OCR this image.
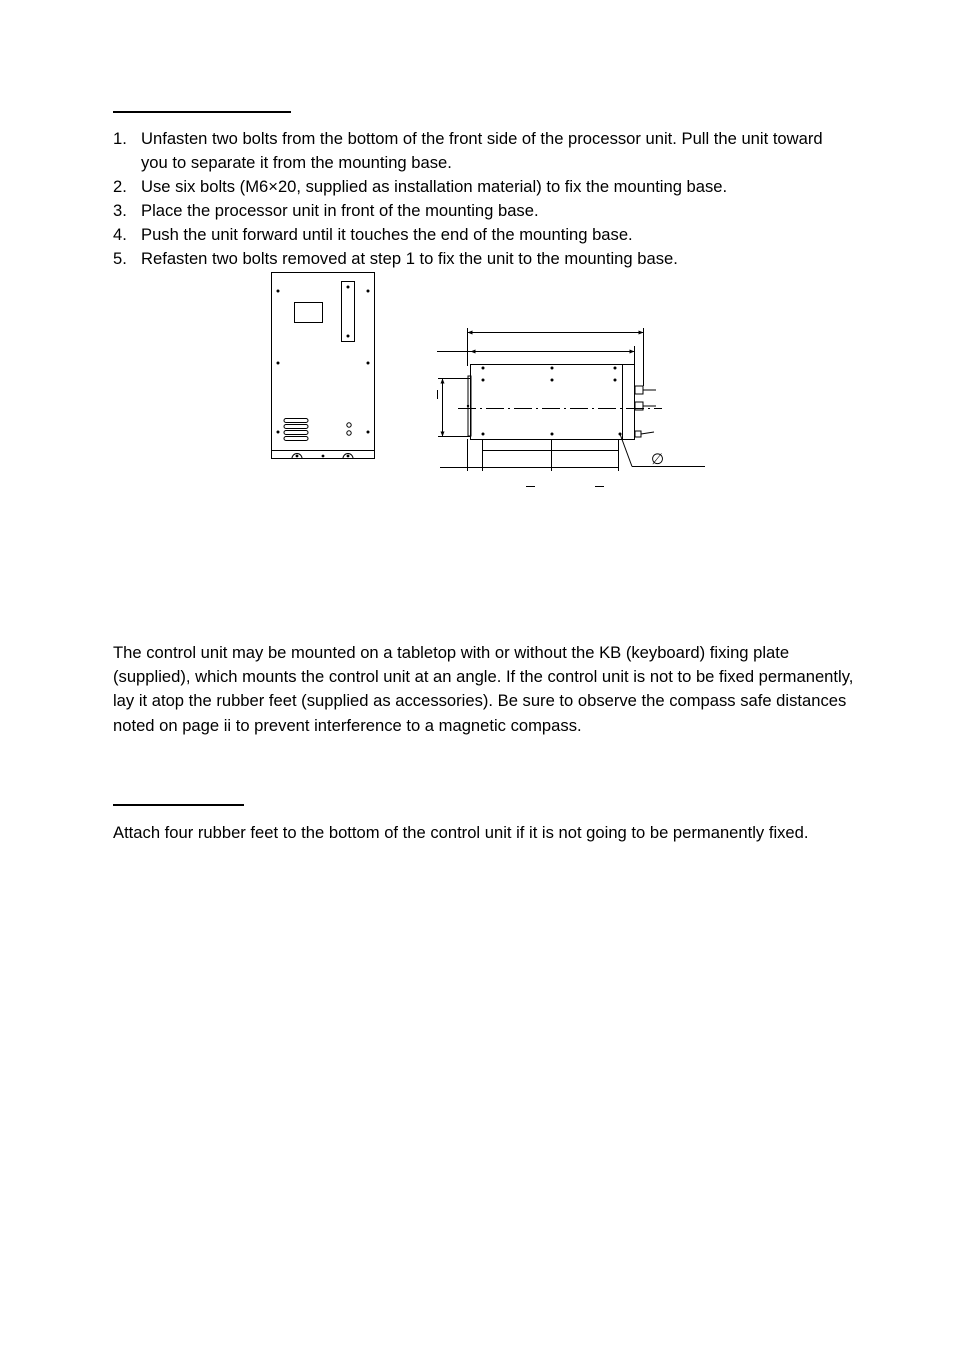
1. Unfasten two bolts from the bottom of the front side of the processor unit. Pull the unit toward you to separate it from the mounting base.
2. Use six bolts (M6×20, supplied as installation material) to fix the mounting base.
3. Place the processor unit in front of the mounting base.
4. Push the unit forward until it touches the end of the mounting base.
5. Refasten two bolts removed at step 1 to fix the unit to the mounting base.
∅

The control unit may be mounted on a tabletop with or without the KB (keyboard) fixing plate (supplied), which mounts the control unit at an angle. If the control unit is not to be fixed permanently, lay it atop the rubber feet (supplied as accessories). Be sure to observe the compass safe distances noted on page ii to prevent interference to a magnetic compass.

Attach four rubber feet to the bottom of the control unit if it is not going to be permanently fixed.
